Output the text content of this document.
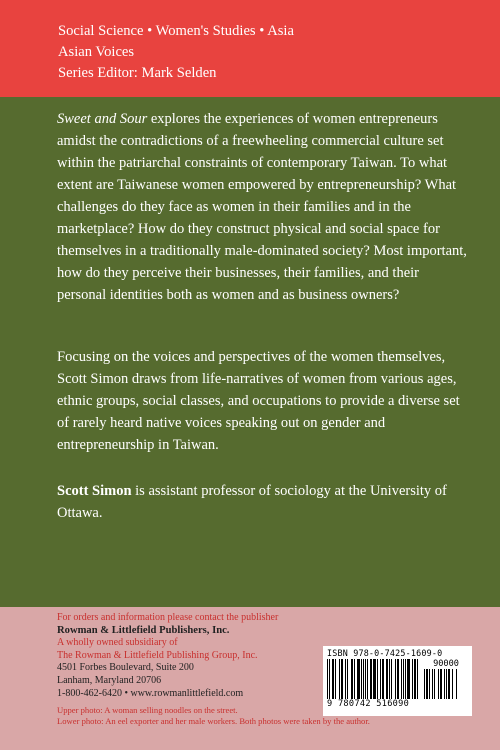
Social Science • Women's Studies • Asia
Asian Voices
Series Editor: Mark Selden

Sweet and Sour explores the experiences of women entrepreneurs amidst the contradictions of a freewheeling commercial culture set within the patriarchal constraints of contemporary Taiwan. To what extent are Taiwanese women empowered by entrepreneurship? What challenges do they face as women in their families and in the marketplace? How do they construct physical and social space for themselves in a traditionally male-dominated society? Most important, how do they perceive their businesses, their families, and their personal identities both as women and as business owners?

Focusing on the voices and perspectives of the women themselves, Scott Simon draws from life-narratives of women from various ages, ethnic groups, social classes, and occupations to provide a diverse set of rarely heard native voices speaking out on gender and entrepreneurship in Taiwan.

Scott Simon is assistant professor of sociology at the University of Ottawa.

For orders and information please contact the publisher
Rowman & Littlefield Publishers, Inc.
A wholly owned subsidiary of
The Rowman & Littlefield Publishing Group, Inc.
4501 Forbes Boulevard, Suite 200
Lanham, Maryland 20706
1-800-462-6420 • www.rowmanlittlefield.com
Upper photo: A woman selling noodles on the street.
Lower photo: An eel exporter and her male workers. Both photos were taken by the author.
ISBN 978-0-7425-1609-0
90000
9 780742 516090
